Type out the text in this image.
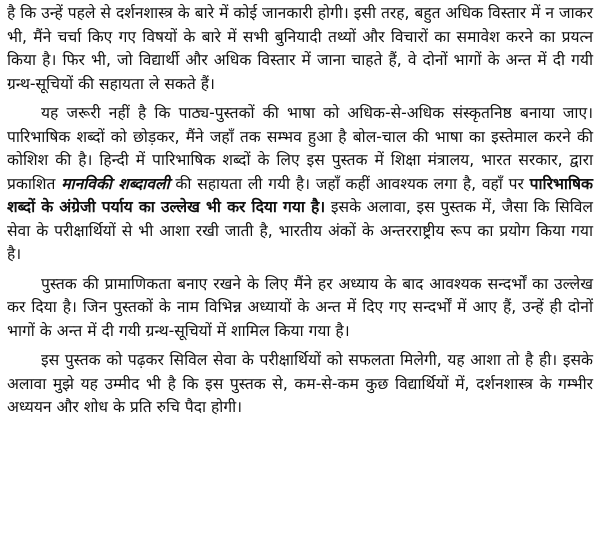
है कि उन्हें पहले से दर्शनशास्त्र के बारे में कोई जानकारी होगी। इसी तरह, बहुत अधिक विस्तार में न जाकर भी, मैंने चर्चा किए गए विषयों के बारे में सभी बुनियादी तथ्यों और विचारों का समावेश करने का प्रयत्न किया है। फिर भी, जो विद्यार्थी और अधिक विस्तार में जाना चाहते हैं, वे दोनों भागों के अन्त में दी गयी ग्रन्थ-सूचियों की सहायता ले सकते हैं।

यह जरूरी नहीं है कि पाठ्य-पुस्तकों की भाषा को अधिक-से-अधिक संस्कृतनिष्ठ बनाया जाए। पारिभाषिक शब्दों को छोड़कर, मैंने जहाँ तक सम्भव हुआ है बोल-चाल की भाषा का इस्तेमाल करने की कोशिश की है। हिन्दी में पारिभाषिक शब्दों के लिए इस पुस्तक में शिक्षा मंत्रालय, भारत सरकार, द्वारा प्रकाशित मानविकी शब्दावली की सहायता ली गयी है। जहाँ कहीं आवश्यक लगा है, वहाँ पर पारिभाषिक शब्दों के अंग्रेजी पर्याय का उल्लेख भी कर दिया गया है। इसके अलावा, इस पुस्तक में, जैसा कि सिविल सेवा के परीक्षार्थियों से भी आशा रखी जाती है, भारतीय अंकों के अन्तरराष्ट्रीय रूप का प्रयोग किया गया है।

पुस्तक की प्रामाणिकता बनाए रखने के लिए मैंने हर अध्याय के बाद आवश्यक सन्दर्भों का उल्लेख कर दिया है। जिन पुस्तकों के नाम विभिन्न अध्यायों के अन्त में दिए गए सन्दर्भों में आए हैं, उन्हें ही दोनों भागों के अन्त में दी गयी ग्रन्थ-सूचियों में शामिल किया गया है।

इस पुस्तक को पढ़कर सिविल सेवा के परीक्षार्थियों को सफलता मिलेगी, यह आशा तो है ही। इसके अलावा मुझे यह उम्मीद भी है कि इस पुस्तक से, कम-से-कम कुछ विद्यार्थियों में, दर्शनशास्त्र के गम्भीर अध्ययन और शोध के प्रति रुचि पैदा होगी।
